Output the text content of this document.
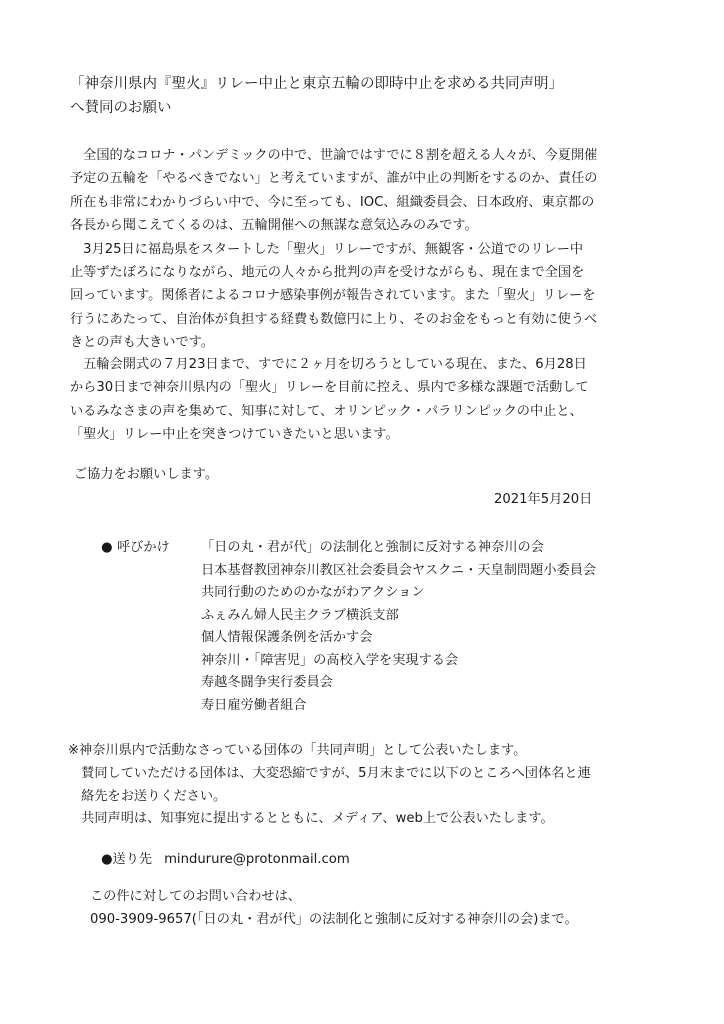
「神奈川県内『聖火』リレー中止と東京五輪の即時中止を求める共同声明」
へ賛同のお願い
　全国的なコロナ・パンデミックの中で、世論ではすでに８割を超える人々が、今夏開催
予定の五輪を「やるべきでない」と考えていますが、誰が中止の判断をするのか、責任の
所在も非常にわかりづらい中で、今に至っても、IOC、組織委員会、日本政府、東京都の
各長から聞こえてくるのは、五輪開催への無謀な意気込みのみです。
　3月25日に福島県をスタートした「聖火」リレーですが、無観客・公道でのリレー中
止等ずたぼろになりながら、地元の人々から批判の声を受けながらも、現在まで全国を
回っています。関係者によるコロナ感染事例が報告されています。また「聖火」リレーを
行うにあたって、自治体が負担する経費も数億円に上り、そのお金をもっと有効に使うべ
きとの声も大きいです。
　五輪会開式の７月23日まで、すでに２ヶ月を切ろうとしている現在、また、6月28日
から30日まで神奈川県内の「聖火」リレーを目前に控え、県内で多様な課題で活動して
いるみなさまの声を集めて、知事に対して、オリンピック・パラリンピックの中止と、
「聖火」リレー中止を突きつけていきたいと思います。
ご協力をお願いします。
2021年5月20日
● 呼びかけ 「日の丸・君が代」の法制化と強制に反対する神奈川の会
日本基督教団神奈川教区社会委員会ヤスクニ・天皇制問題小委員会
共同行動のためのかながわアクション
ふぇみん婦人民主クラブ横浜支部
個人情報保護条例を活かす会
神奈川・「障害児」の高校入学を実現する会
寿越冬闘争実行委員会
寿日雇労働者組合
※神奈川県内で活動なさっている団体の「共同声明」として公表いたします。
　賛同していただける団体は、大変恐縮ですが、5月末までに以下のところへ団体名と連
　絡先をお送りください。
　共同声明は、知事宛に提出するとともに、メディア、web上で公表いたします。
●送り先 mindurure@protonmail.com
この件に対してのお問い合わせは、
090-3909-9657(「日の丸・君が代」の法制化と強制に反対する神奈川の会)まで。
